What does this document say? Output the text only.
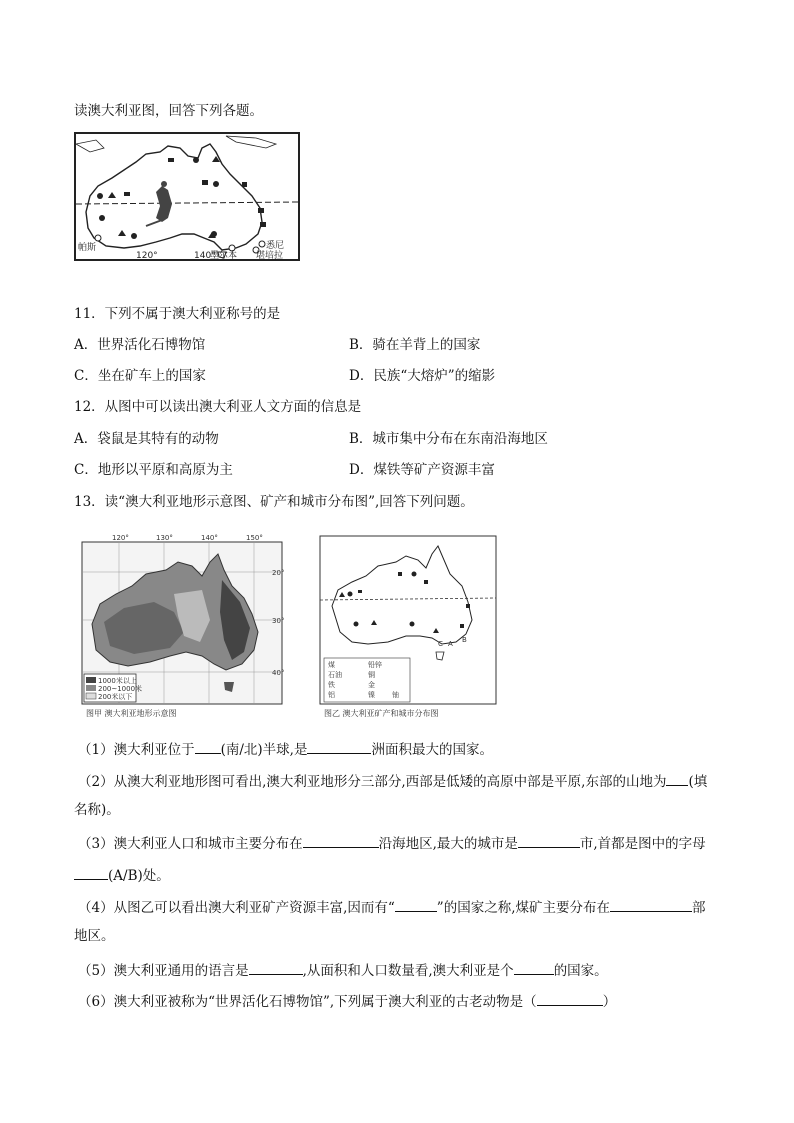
读澳大利亚图，回答下列各题。
帕斯
墨尔本
悉尼
堪培拉
120°	140°
11．下列不属于澳大利亚称号的是
A．世界活化石博物馆	B．骑在羊背上的国家
C．坐在矿车上的国家	D．民族“大熔炉”的缩影
12．从图中可以读出澳大利亚人文方面的信息是
A．袋鼠是其特有的动物	B．城市集中分布在东南沿海地区
C．地形以平原和高原为主	D．煤铁等矿产资源丰富
13．读“澳大利亚地形示意图、矿产和城市分布图”,回答下列问题。
120°	130°	140°	150°
20°
30°
40°
1000米以上
200~1000米
200米以下
图甲 澳大利亚地形示意图
C A B
煤
石油
铁
铝
铅锌
铜
金
镍 铀
图乙 澳大利亚矿产和城市分布图
（1）澳大利亚位于 (南/北)半球,是	洲面积最大的国家。
（2）从澳大利亚地形图可看出,澳大利亚地形分三部分,西部是低矮的高原中部是平原,东部的山地为 (填
名称)。
（3）澳大利亚人口和城市主要分布在	沿海地区,最大的城市是	市,首都是图中的字母
(A/B)处。
（4）从图乙可以看出澳大利亚矿产资源丰富,因而有“	”的国家之称,煤矿主要分布在	部
地区。
（5）澳大利亚通用的语言是	,从面积和人口数量看,澳大利亚是个	的国家。
（6）澳大利亚被称为“世界活化石博物馆”,下列属于澳大利亚的古老动物是（	）
